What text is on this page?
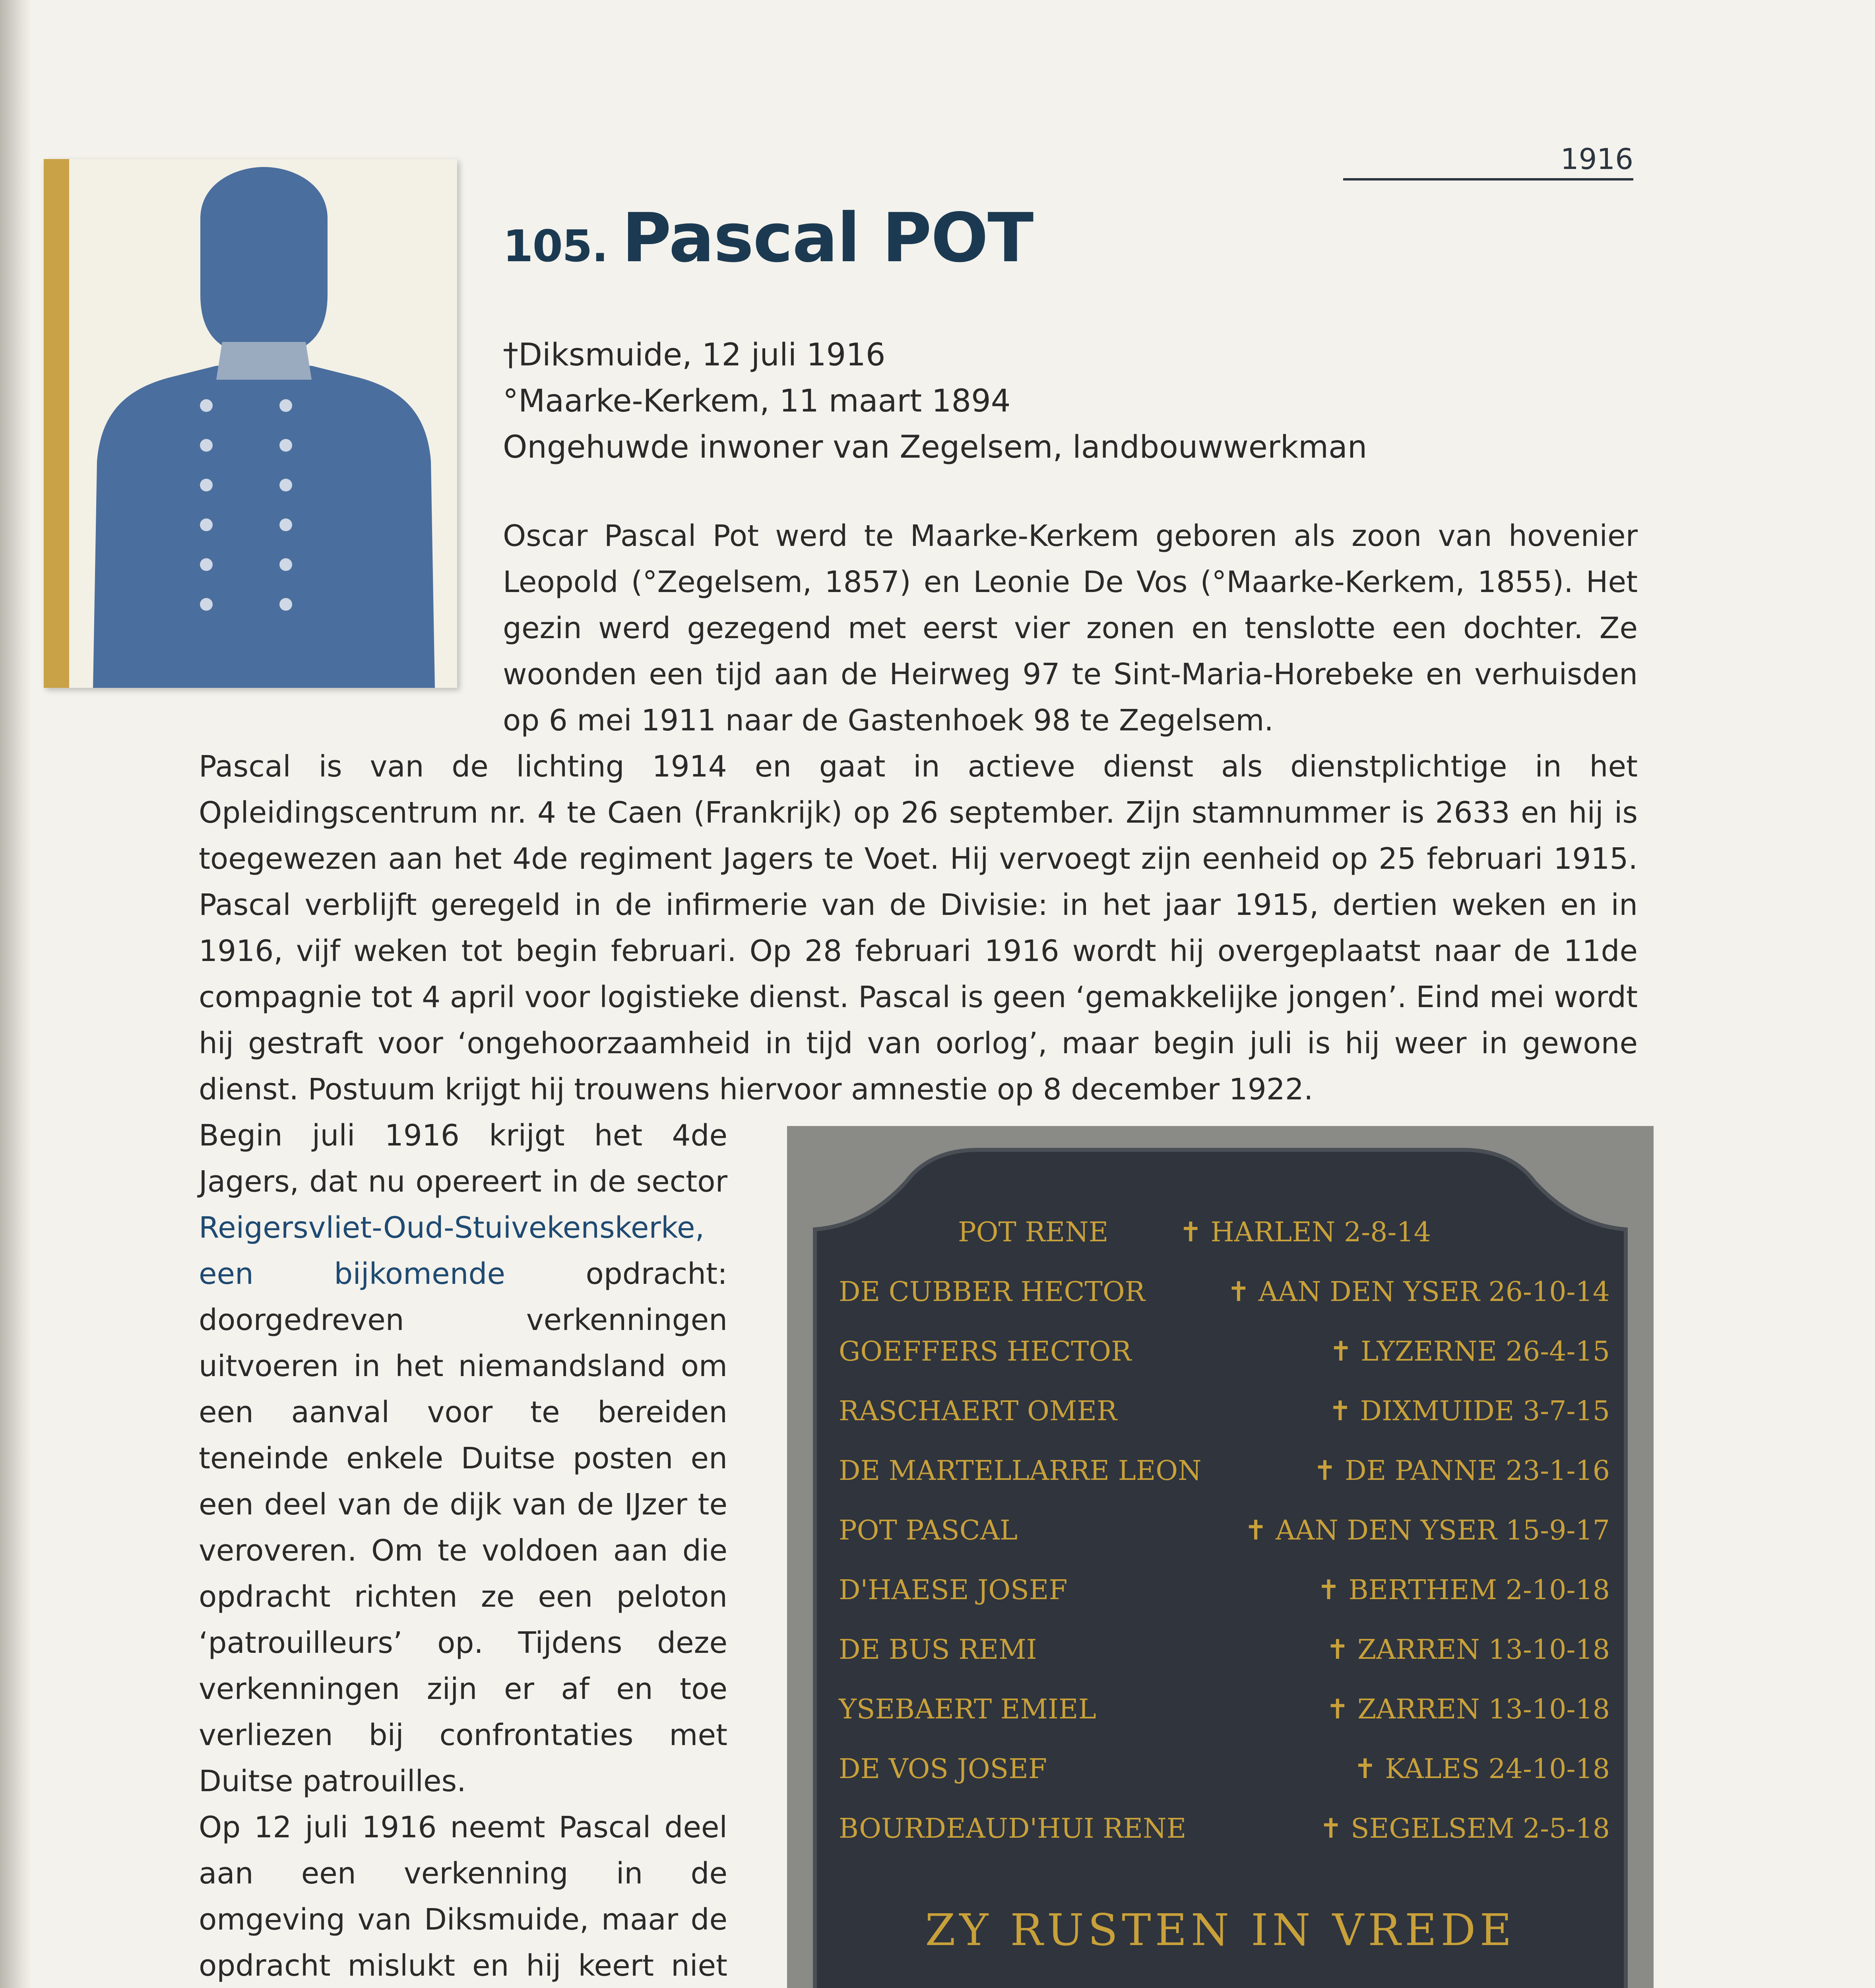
1916
105. Pascal POT
†Diksmuide, 12 juli 1916
°Maarke-Kerkem, 11 maart 1894
Ongehuwde inwoner van Zegelsem, landbouwwerkman

Oscar Pascal Pot werd te Maarke-Kerkem geboren als zoon van hovenier Leopold (°Zegelsem, 1857) en Leonie De Vos (°Maarke-Kerkem, 1855). Het gezin werd gezegend met eerst vier zonen en tenslotte een dochter. Ze woonden een tijd aan de Heirweg 97 te Sint-Maria-Horebeke en verhuisden op 6 mei 1911 naar de Gastenhoek 98 te Zegelsem.

Pascal is van de lichting 1914 en gaat in actieve dienst als dienstplichtige in het Opleidingscentrum nr. 4 te Caen (Frankrijk) op 26 september. Zijn stamnummer is 2633 en hij is toegewezen aan het 4de regiment Jagers te Voet. Hij vervoegt zijn eenheid op 25 februari 1915. Pascal verblijft geregeld in de infirmerie van de Divisie: in het jaar 1915, dertien weken en in 1916, vijf weken tot begin februari. Op 28 februari 1916 wordt hij overgeplaatst naar de 11de compagnie tot 4 april voor logistieke dienst. Pascal is geen ‘gemakkelijke jongen’. Eind mei wordt hij gestraft voor ‘ongehoorzaamheid in tijd van oorlog’, maar begin juli is hij weer in gewone dienst. Postuum krijgt hij trouwens hiervoor amnestie op 8 december 1922.

POT RENE	✝ HARLEN 2-8-14
DE CUBBER HECTOR	✝ AAN DEN YSER 26-10-14
GOEFFERS HECTOR	✝ LYZERNE 26-4-15
RASCHAERT OMER	✝ DIXMUIDE 3-7-15
DE MARTELLARRE LEON	✝ DE PANNE 23-1-16
POT PASCAL	✝ AAN DEN YSER 15-9-17
D'HAESE JOSEF	✝ BERTHEM 2-10-18
DE BUS REMI	✝ ZARREN 13-10-18
YSEBAERT EMIEL	✝ ZARREN 13-10-18
DE VOS JOSEF	✝ KALES 24-10-18
BOURDEAUD'HUI RENE	✝ SEGELSEM 2-5-18
ZY RUSTEN IN VREDE

Begin juli 1916 krijgt het 4de Jagers, dat nu opereert in de sector Reigersvliet-Oud-Stuivekenskerke, een bijkomende	opdracht: doorgedreven verkenningen uitvoeren in het niemandsland om een aanval voor te bereiden teneinde enkele Duitse posten en een deel van de dijk van de IJzer te veroveren. Om te voldoen aan die opdracht richten ze een peloton ‘patrouilleurs’ op. Tijdens deze verkenningen zijn er af en toe verliezen bij confrontaties met Duitse patrouilles.

Op 12 juli 1916 neemt Pascal deel aan een verkenning in de omgeving van Diksmuide, maar de opdracht mislukt en hij keert niet
